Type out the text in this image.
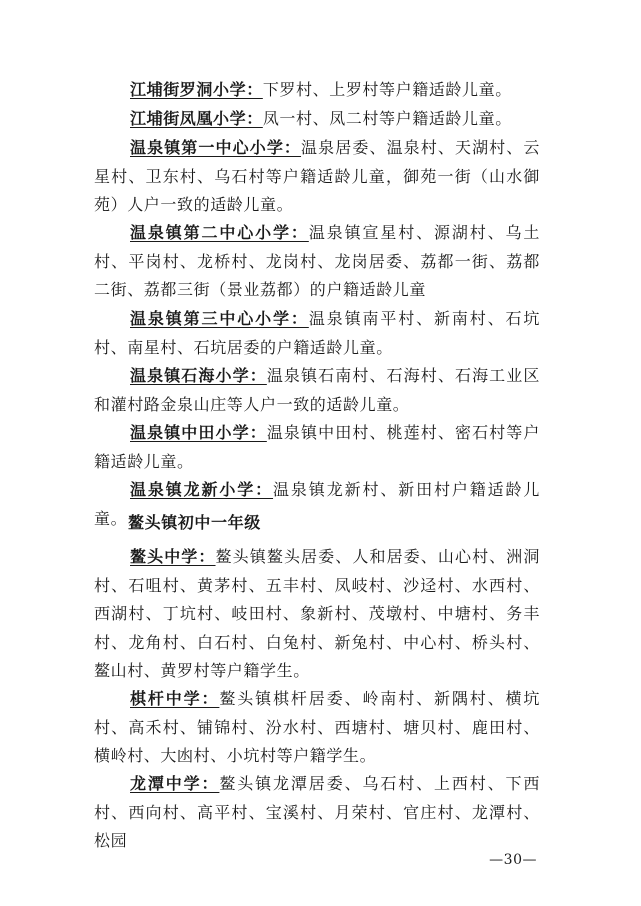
江埔街罗洞小学：下罗村、上罗村等户籍适龄儿童。

江埔街凤凰小学：凤一村、凤二村等户籍适龄儿童。

温泉镇第一中心小学：温泉居委、温泉村、天湖村、云星村、卫东村、乌石村等户籍适龄儿童，御苑一街（山水御苑）人户一致的适龄儿童。

温泉镇第二中心小学：温泉镇宣星村、源湖村、乌土村、平岗村、龙桥村、龙岗村、龙岗居委、荔都一街、荔都二街、荔都三街（景业荔都）的户籍适龄儿童

温泉镇第三中心小学：温泉镇南平村、新南村、石坑村、南星村、石坑居委的户籍适龄儿童。

温泉镇石海小学：温泉镇石南村、石海村、石海工业区和灌村路金泉山庄等人户一致的适龄儿童。

温泉镇中田小学：温泉镇中田村、桃莲村、密石村等户籍适龄儿童。

温泉镇龙新小学：温泉镇龙新村、新田村户籍适龄儿童。 鳌头镇初中一年级

鳌头中学：鳌头镇鳌头居委、人和居委、山心村、洲洞村、石咀村、黄茅村、五丰村、凤岐村、沙迳村、水西村、西湖村、丁坑村、岐田村、象新村、茂墩村、中塘村、务丰村、龙角村、白石村、白兔村、新兔村、中心村、桥头村、鳌山村、黄罗村等户籍学生。

棋杆中学：鳌头镇棋杆居委、岭南村、新隅村、横坑村、高禾村、铺锦村、汾水村、西塘村、塘贝村、鹿田村、横岭村、大凼村、小坑村等户籍学生。

龙潭中学：鳌头镇龙潭居委、乌石村、上西村、下西村、西向村、高平村、宝溪村、月荣村、官庄村、龙潭村、松园

—30—
